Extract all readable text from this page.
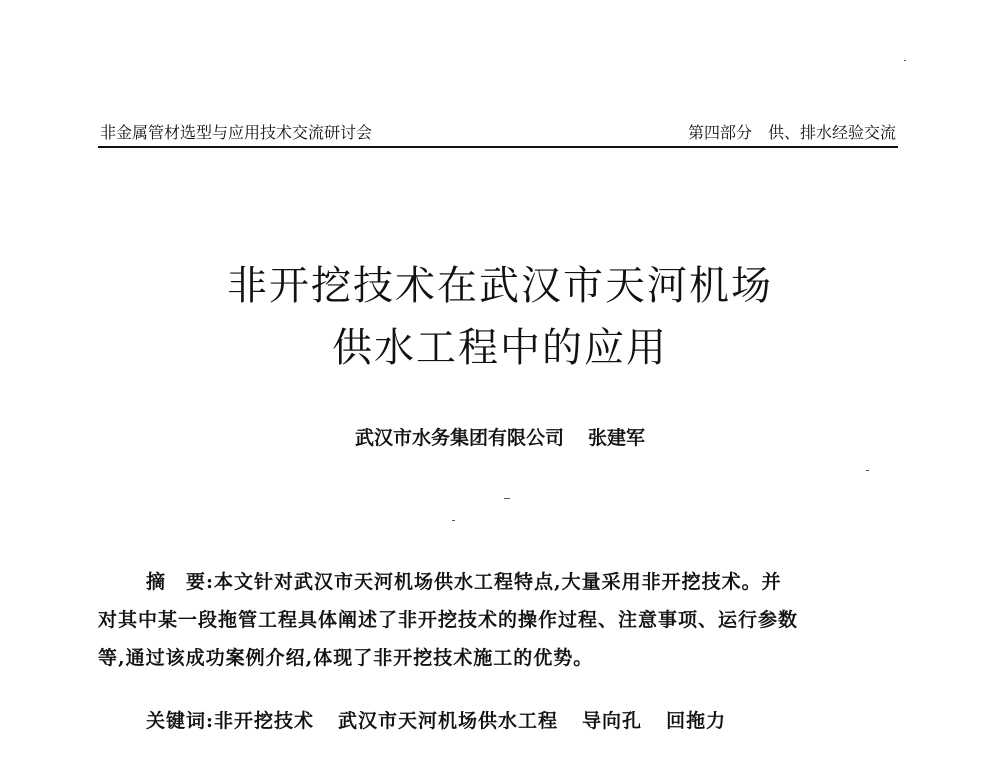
非金属管材选型与应用技术交流研讨会	第四部分　供、排水经验交流
非开挖技术在武汉市天河机场
供水工程中的应用
武汉市水务集团有限公司 张建军
摘　要:本文针对武汉市天河机场供水工程特点,大量采用非开挖技术。并
对其中某一段拖管工程具体阐述了非开挖技术的操作过程、注意事项、运行参数
等,通过该成功案例介绍,体现了非开挖技术施工的优势。
关键词:非开挖技术 武汉市天河机场供水工程 导向孔 回拖力
